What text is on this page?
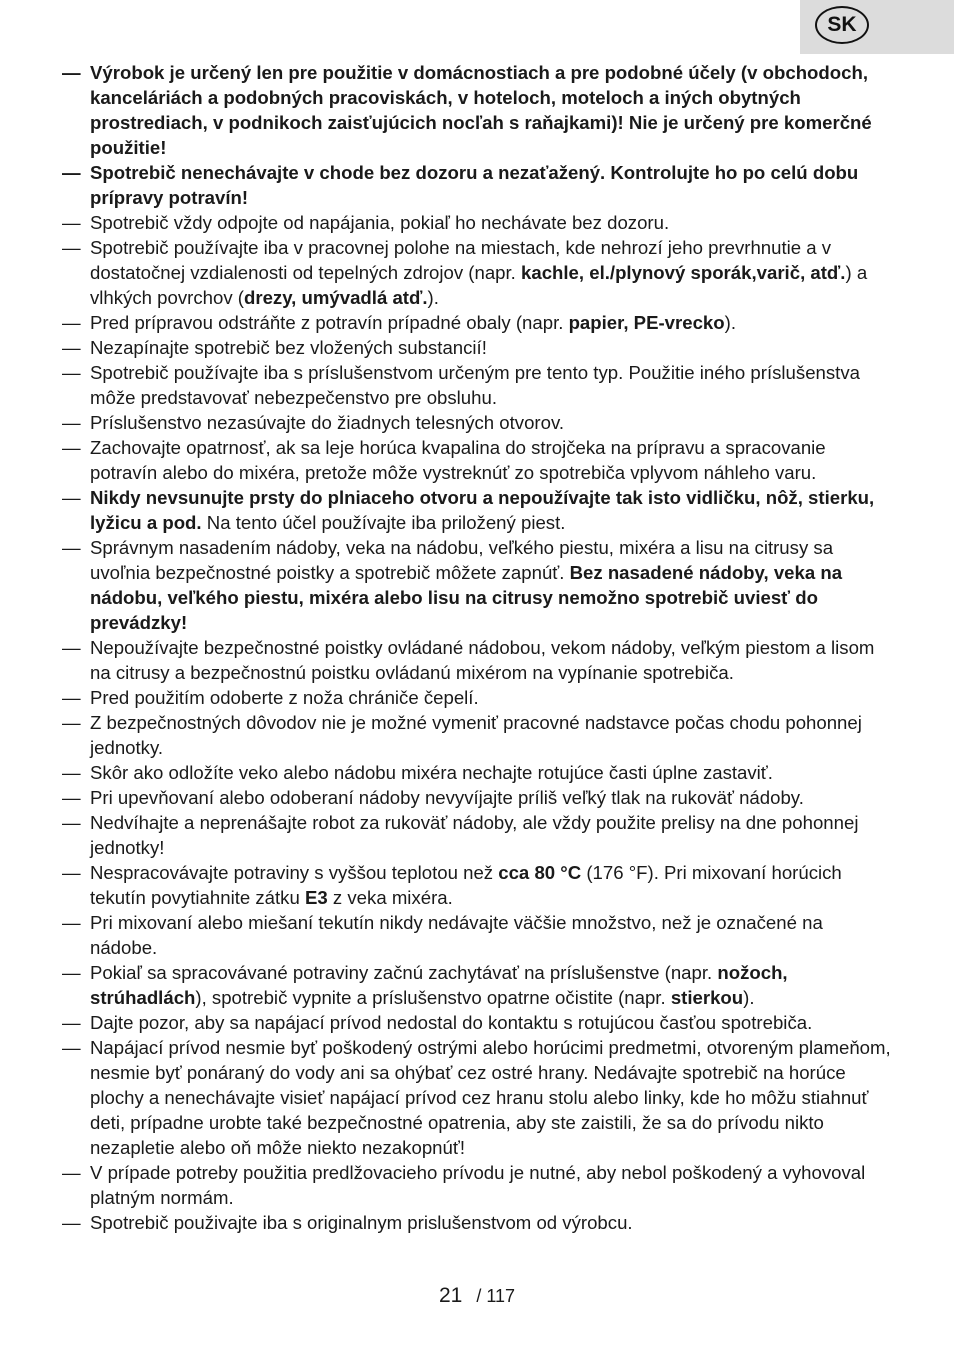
SK
— Výrobok je určený len pre použitie v domácnostiach a pre podobné účely (v obchodoch, kanceláriách a podobných pracoviskách, v hoteloch, moteloch a iných obytných prostrediach, v podnikoch zaisťujúcich nocľah s raňajkami)! Nie je určený pre komerčné použitie!
— Spotrebič nenechávajte v chode bez dozoru a nezaťažený. Kontrolujte ho po celú dobu prípravy potravín!
— Spotrebič vždy odpojte od napájania, pokiaľ ho nechávate bez dozoru.
— Spotrebič používajte iba v pracovnej polohe na miestach, kde nehrozí jeho prevrhnutie a v dostatočnej vzdialenosti od tepelných zdrojov (napr. kachle, el./plynový sporák,varič, atď.) a vlhkých povrchov (drezy, umývadlá atď.).
— Pred prípravou odstráňte z potravín prípadné obaly (napr. papier, PE-vrecko).
— Nezapínajte spotrebič bez vložených substancií!
— Spotrebič používajte iba s príslušenstvom určeným pre tento typ. Použitie iného príslušenstva môže predstavovať nebezpečenstvo pre obsluhu.
— Príslušenstvo nezasúvajte do žiadnych telesných otvorov.
— Zachovajte opatrnosť, ak sa leje horúca kvapalina do strojčeka na prípravu a spracovanie potravín alebo do mixéra, pretože môže vystreknúť zo spotrebiča vplyvom náhleho varu.
— Nikdy nevsunujte prsty do plniaceho otvoru a nepoužívajte tak isto vidličku, nôž, stierku, lyžicu a pod. Na tento účel používajte iba priložený piest.
— Správnym nasadením nádoby, veka na nádobu, veľkého piestu, mixéra a lisu na citrusy sa uvoľnia bezpečnostné poistky a spotrebič môžete zapnúť. Bez nasadené nádoby, veka na nádobu, veľkého piestu, mixéra alebo lisu na citrusy nemožno spotrebič uviesť do prevádzky!
— Nepoužívajte bezpečnostné poistky ovládané nádobou, vekom nádoby, veľkým piestom a lisom na citrusy a bezpečnostnú poistku ovládanú mixérom na vypínanie spotrebiča.
— Pred použitím odoberte z noža chrániče čepelí.
— Z bezpečnostných dôvodov nie je možné vymeniť pracovné nadstavce počas chodu pohonnej jednotky.
— Skôr ako odložíte veko alebo nádobu mixéra nechajte rotujúce časti úplne zastaviť.
— Pri upevňovaní alebo odoberaní nádoby nevyvíjajte príliš veľký tlak na rukoväť nádoby.
— Nedvíhajte a neprenášajte robot za rukoväť nádoby, ale vždy použite prelisy na dne pohonnej jednotky!
— Nespracovávajte potraviny s vyššou teplotou než cca 80 °C (176 °F). Pri mixovaní horúcich tekutín povytiahnite zátku E3 z veka mixéra.
— Pri mixovaní alebo miešaní tekutín nikdy nedávajte väčšie množstvo, než je označené na nádobe.
— Pokiaľ sa spracovávané potraviny začnú zachytávať na príslušenstve (napr. nožoch, strúhadlách), spotrebič vypnite a príslušenstvo opatrne očistite (napr. stierkou).
— Dajte pozor, aby sa napájací prívod nedostal do kontaktu s rotujúcou časťou spotrebiča.
— Napájací prívod nesmie byť poškodený ostrými alebo horúcimi predmetmi, otvoreným plameňom, nesmie byť ponáraný do vody ani sa ohýbať cez ostré hrany. Nedávajte spotrebič na horúce plochy a nenechávajte visieť napájací prívod cez hranu stolu alebo linky, kde ho môžu stiahnuť deti, prípadne urobte také bezpečnostné opatrenia, aby ste zaistili, že sa do prívodu nikto nezapletie alebo oň môže niekto nezakopnúť!
— V prípade potreby použitia predlžovacieho prívodu je nutné, aby nebol poškodený a vyhovoval platným normám.
— Spotrebič použivajte iba s originalnym prislušenstvom od výrobcu.
21 / 117
